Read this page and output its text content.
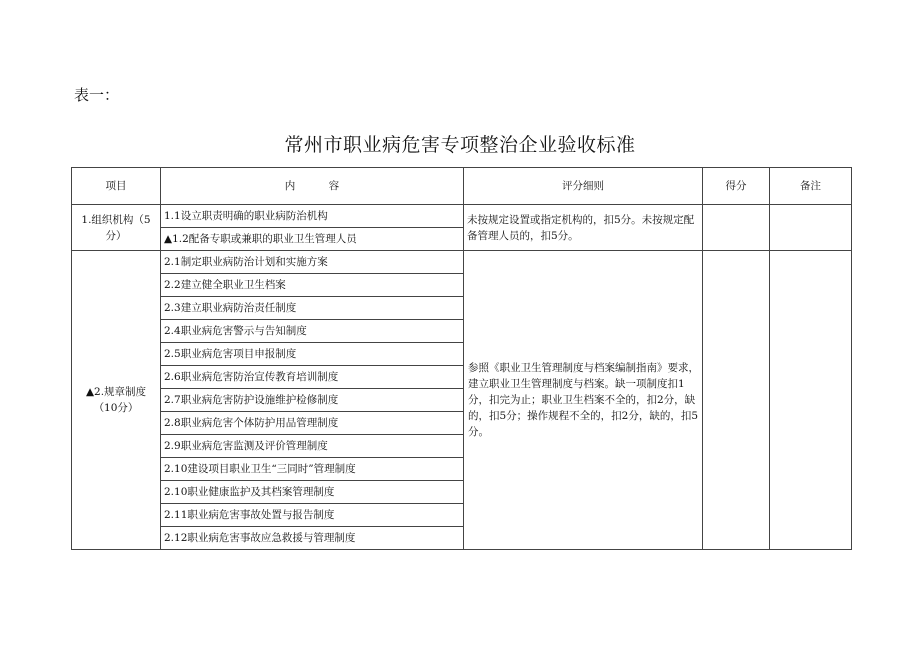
表一：
常州市职业病危害专项整治企业验收标准
项目	内          容	评分细则	得分	备注
1.组织机构（5分）	1.1设立职责明确的职业病防治机构	未按规定设置或指定机构的，扣5分。未按规定配备管理人员的，扣5分。		
	▲1.2配备专职或兼职的职业卫生管理人员			
▲2.规章制度（10分）	2.1制定职业病防治计划和实施方案	参照《职业卫生管理制度与档案编制指南》要求，建立职业卫生管理制度与档案。缺一项制度扣1分，扣完为止；职业卫生档案不全的，扣2分，缺的，扣5分；操作规程不全的，扣2分，缺的，扣5分。		
	2.2建立健全职业卫生档案			
	2.3建立职业病防治责任制度			
	2.4职业病危害警示与告知制度			
	2.5职业病危害项目申报制度			
	2.6职业病危害防治宣传教育培训制度			
	2.7职业病危害防护设施维护检修制度			
	2.8职业病危害个体防护用品管理制度			
	2.9职业病危害监测及评价管理制度			
	2.10建设项目职业卫生“三同时”管理制度			
	2.10职业健康监护及其档案管理制度			
	2.11职业病危害事故处置与报告制度			
	2.12职业病危害事故应急救援与管理制度			
